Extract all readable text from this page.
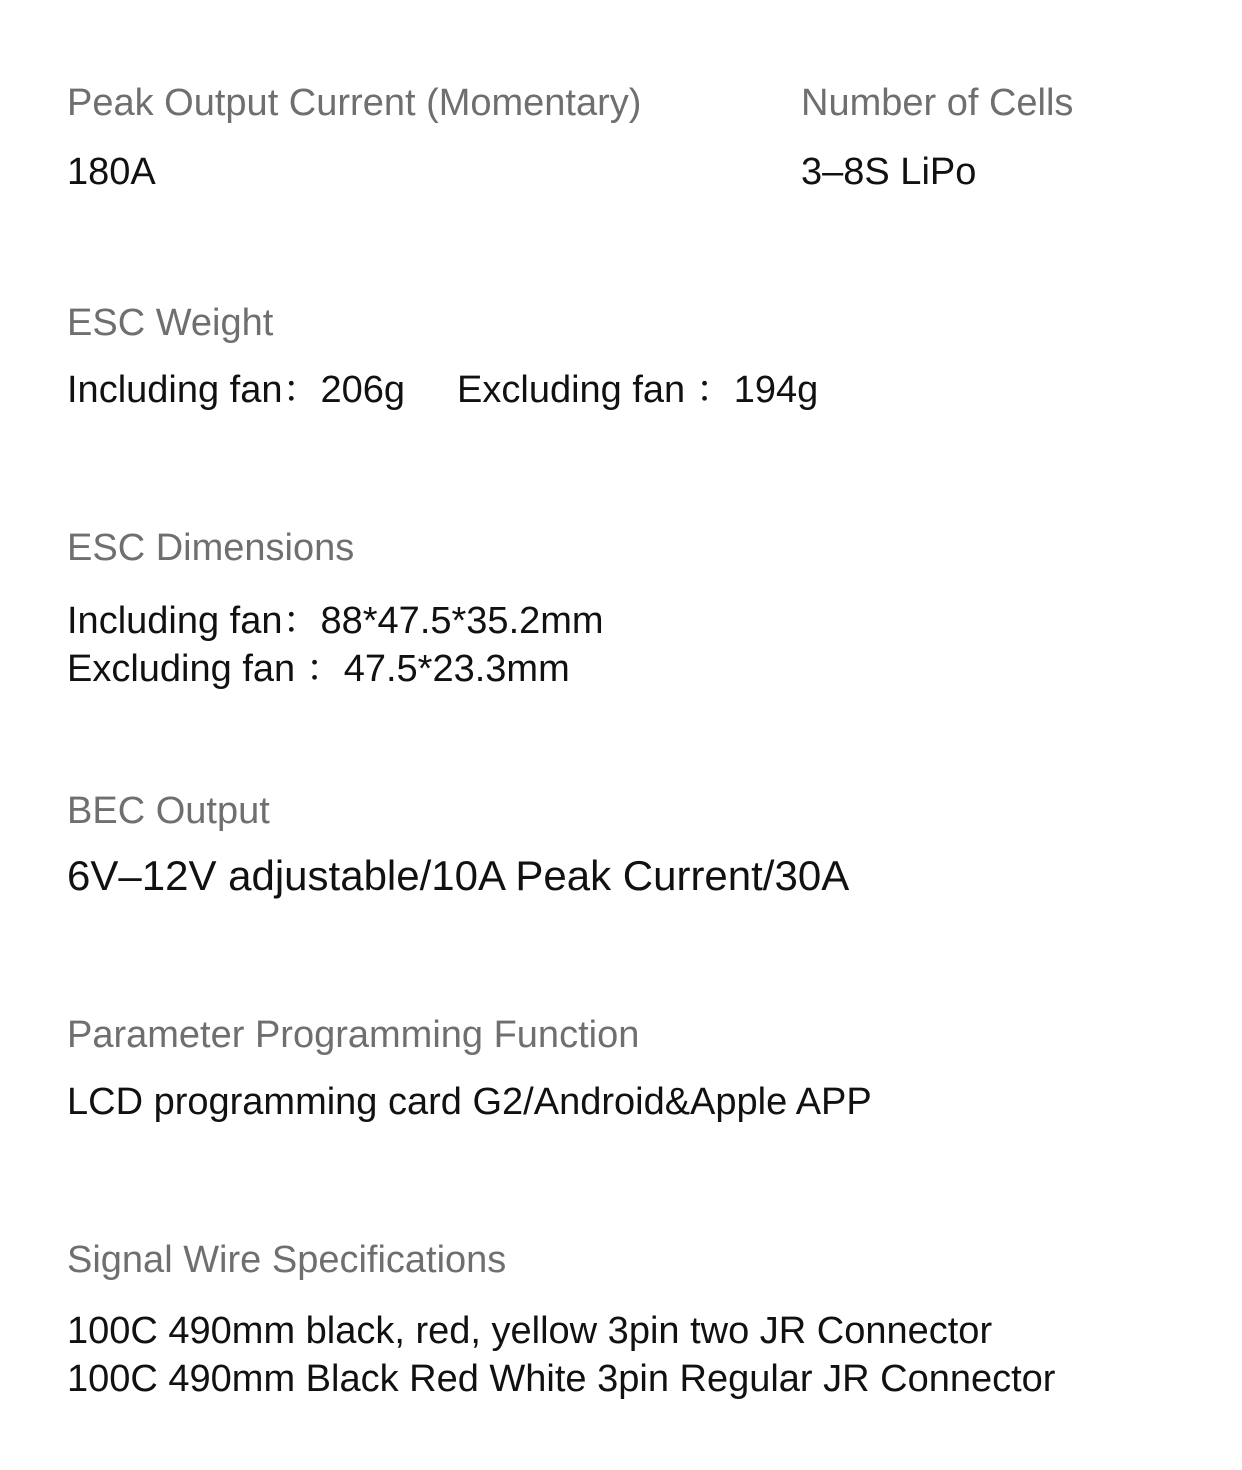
Peak Output Current (Momentary)
180A
Number of Cells
3–8S LiPo
ESC Weight
Including fan：206g Excluding fan ：194g
ESC Dimensions
Including fan：88*47.5*35.2mm
Excluding fan ：47.5*23.3mm
BEC Output
6V–12V adjustable/10A Peak Current/30A
Parameter Programming Function
LCD programming card G2/Android&Apple APP
Signal Wire Specifications
100C 490mm black, red, yellow 3pin two JR Connector
100C 490mm Black Red White 3pin Regular JR Connector
